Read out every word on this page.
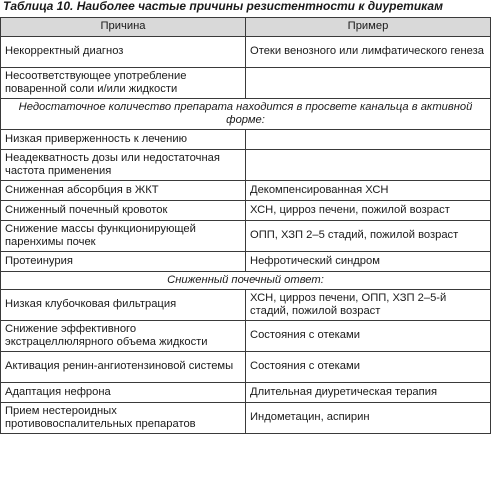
Таблица 10. Наиболее частые причины резистентности к диуретикам
Причина	Пример
Некорректный диагноз	Отеки венозного или лимфатического генеза
Несоответствующее употребление поваренной соли и/или жидкости	
Недостаточное количество препарата находится в просвете канальца в активной форме:	
Низкая приверженность к лечению	
Неадекватность дозы или недостаточная частота применения	
Сниженная абсорбция в ЖКТ	Декомпенсированная ХСН
Сниженный почечный кровоток	ХСН, цирроз печени, пожилой возраст
Снижение массы функционирующей паренхимы почек	ОПП, ХЗП 2–5 стадий, пожилой возраст
Протеинурия	Нефротический синдром
Сниженный почечный ответ:	
Низкая клубочковая фильтрация	ХСН, цирроз печени, ОПП, ХЗП 2–5-й стадий, пожилой возраст
Снижение эффективного экстрацеллюлярного объема жидкости	Состояния с отеками
Активация ренин-ангиотензиновой системы	Состояния с отеками
Адаптация нефрона	Длительная диуретическая терапия
Прием нестероидных противовоспалительных препаратов	Индометацин, аспирин
